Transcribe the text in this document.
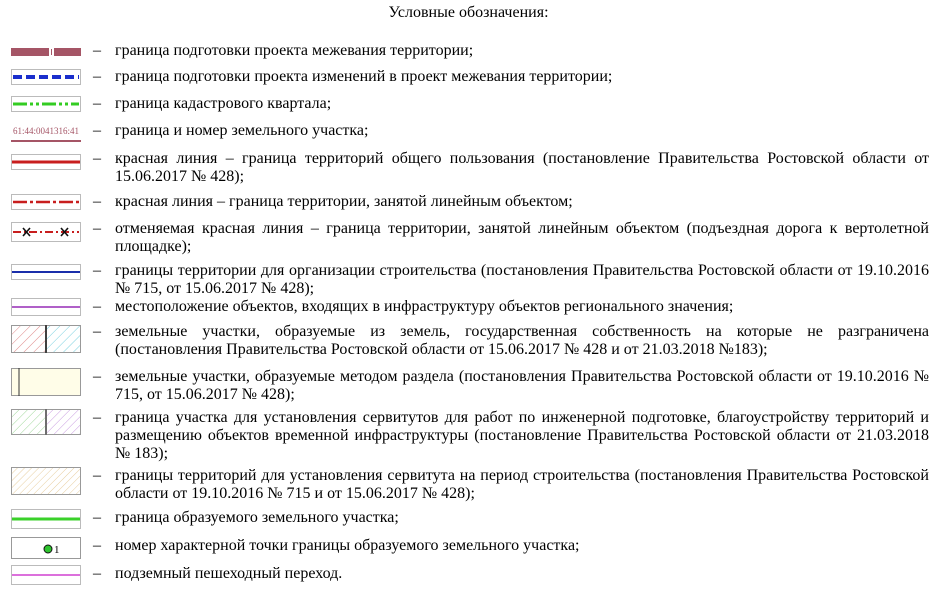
Условные обозначения:
– граница подготовки проекта межевания территории;
– граница подготовки проекта изменений в проект межевания территории;
– граница кадастрового квартала;
61:44:0041316:41 – граница и номер земельного участка;
– красная линия – граница территорий общего пользования (постановление Правительства Ростовской области от 15.06.2017 № 428);
– красная линия – граница территории, занятой линейным объектом;
– отменяемая красная линия – граница территории, занятой линейным объектом (подъездная дорога к вертолетной площадке);
– границы территории для организации строительства (постановления Правительства Ростовской области от 19.10.2016 № 715, от 15.06.2017 № 428);
– местоположение объектов, входящих в инфраструктуру объектов регионального значения;
– земельные участки, образуемые из земель, государственная собственность на которые не разграничена (постановления Правительства Ростовской области от 15.06.2017 № 428 и от 21.03.2018 №183);
– земельные участки, образуемые методом раздела (постановления Правительства Ростовской области от 19.10.2016 № 715, от 15.06.2017 № 428);
– граница участка для установления сервитутов для работ по инженерной подготовке, благоустройству территорий и размещению объектов временной инфраструктуры (постановление Правительства Ростовской области от 21.03.2018 № 183);
– границы территорий для установления сервитута на период строительства (постановления Правительства Ростовской области от 19.10.2016 № 715 и от 15.06.2017 № 428);
– граница образуемого земельного участка;
1 – номер характерной точки границы образуемого земельного участка;
– подземный пешеходный переход.
